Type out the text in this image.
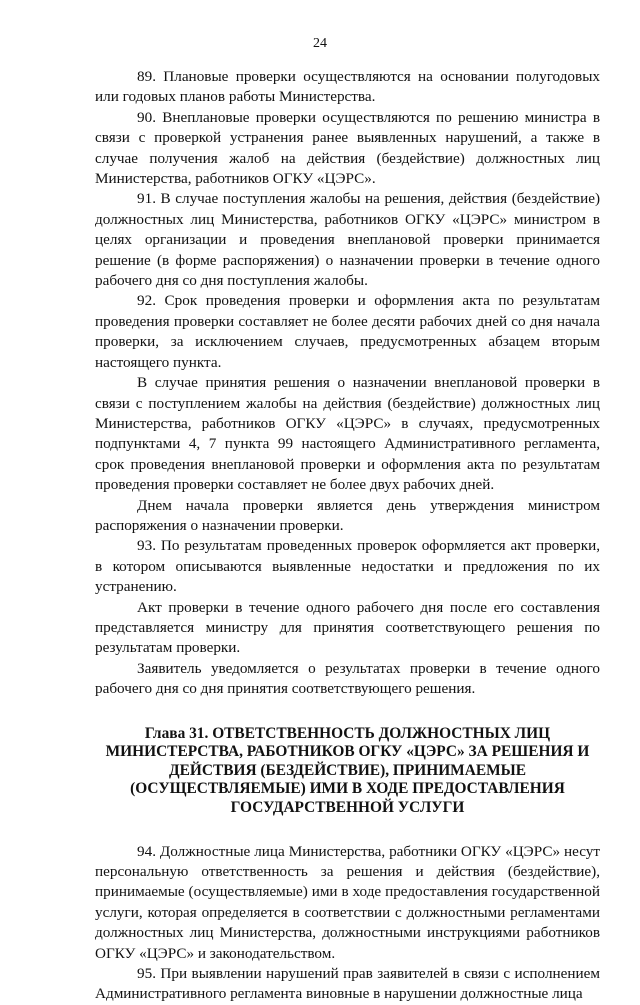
24

89. Плановые проверки осуществляются на основании полугодовых или годовых планов работы Министерства.

90. Внеплановые проверки осуществляются по решению министра в связи с проверкой устранения ранее выявленных нарушений, а также в случае получения жалоб на действия (бездействие) должностных лиц Министерства, работников ОГКУ «ЦЭРС».

91. В случае поступления жалобы на решения, действия (бездействие) должностных лиц Министерства, работников ОГКУ «ЦЭРС» министром в целях организации и проведения внеплановой проверки принимается решение (в форме распоряжения) о назначении проверки в течение одного рабочего дня со дня поступления жалобы.

92. Срок проведения проверки и оформления акта по результатам проведения проверки составляет не более десяти рабочих дней со дня начала проверки, за исключением случаев, предусмотренных абзацем вторым настоящего пункта.

В случае принятия решения о назначении внеплановой проверки в связи с поступлением жалобы на действия (бездействие) должностных лиц Министерства, работников ОГКУ «ЦЭРС» в случаях, предусмотренных подпунктами 4, 7 пункта 99 настоящего Административного регламента, срок проведения внеплановой проверки и оформления акта по результатам проведения проверки составляет не более двух рабочих дней.

Днем начала проверки является день утверждения министром распоряжения о назначении проверки.

93. По результатам проведенных проверок оформляется акт проверки, в котором описываются выявленные недостатки и предложения по их устранению.

Акт проверки в течение одного рабочего дня после его составления представляется министру для принятия соответствующего решения по результатам проверки.

Заявитель уведомляется о результатах проверки в течение одного рабочего дня со дня принятия соответствующего решения.

Глава 31. ОТВЕТСТВЕННОСТЬ ДОЛЖНОСТНЫХ ЛИЦ МИНИСТЕРСТВА, РАБОТНИКОВ ОГКУ «ЦЭРС» ЗА РЕШЕНИЯ И ДЕЙСТВИЯ (БЕЗДЕЙСТВИЕ), ПРИНИМАЕМЫЕ (ОСУЩЕСТВЛЯЕМЫЕ) ИМИ В ХОДЕ ПРЕДОСТАВЛЕНИЯ ГОСУДАРСТВЕННОЙ УСЛУГИ

94. Должностные лица Министерства, работники ОГКУ «ЦЭРС» несут персональную ответственность за решения и действия (бездействие), принимаемые (осуществляемые) ими в ходе предоставления государственной услуги, которая определяется в соответствии с должностными регламентами должностных лиц Министерства, должностными инструкциями работников ОГКУ «ЦЭРС» и законодательством.

95. При выявлении нарушений прав заявителей в связи с исполнением Административного регламента виновные в нарушении должностные лица
